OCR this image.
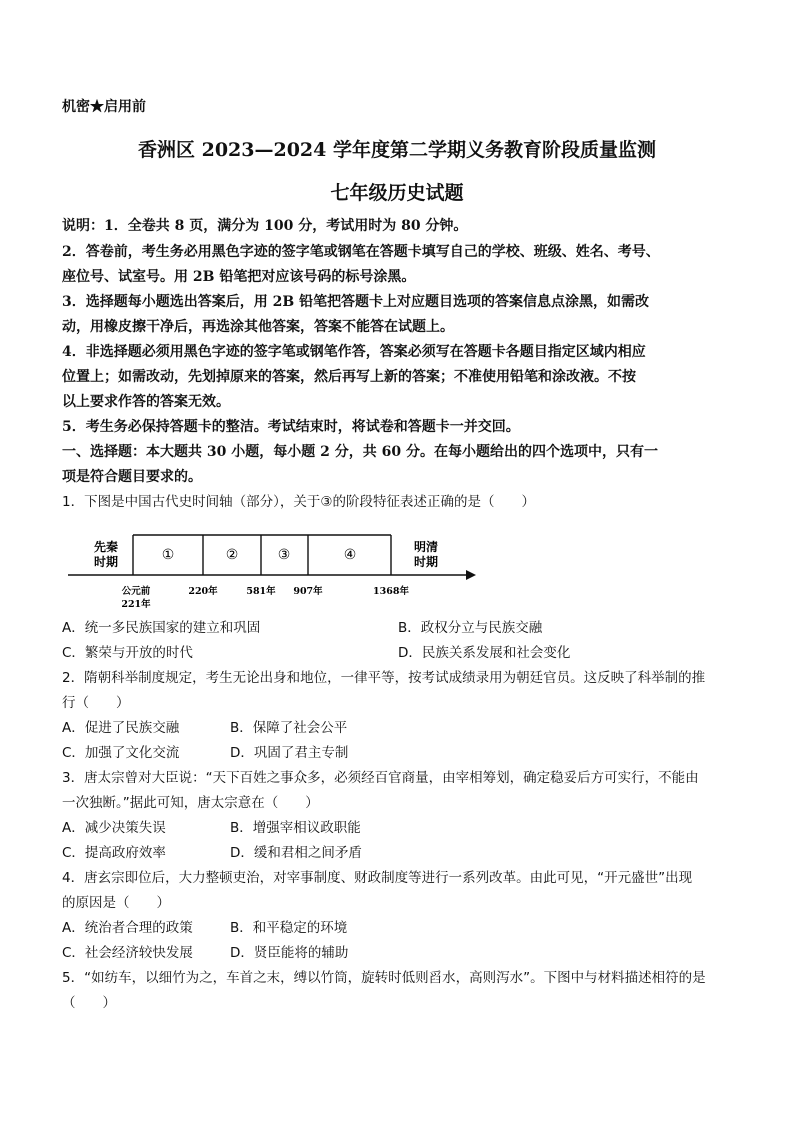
机密★启用前
香洲区 2023—2024 学年度第二学期义务教育阶段质量监测
七年级历史试题
说明：1．全卷共 8 页，满分为 100 分，考试用时为 80 分钟。
2．答卷前，考生务必用黑色字迹的签字笔或钢笔在答题卡填写自己的学校、班级、姓名、考号、
座位号、试室号。用 2B 铅笔把对应该号码的标号涂黑。
3．选择题每小题选出答案后，用 2B 铅笔把答题卡上对应题目选项的答案信息点涂黑，如需改
动，用橡皮擦干净后，再选涂其他答案，答案不能答在试题上。
4．非选择题必须用黑色字迹的签字笔或钢笔作答，答案必须写在答题卡各题目指定区域内相应
位置上；如需改动，先划掉原来的答案，然后再写上新的答案；不准使用铅笔和涂改液。不按
以上要求作答的答案无效。
5．考生务必保持答题卡的整洁。考试结束时，将试卷和答题卡一并交回。
一、选择题：本大题共 30 小题，每小题 2 分，共 60 分。在每小题给出的四个选项中，只有一
项是符合题目要求的。
1．下图是中国古代史时间轴（部分），关于③的阶段特征表述正确的是（　　）
先秦
时期	①	②	③	④	明清
时期
公元前
221年
220年	581年 907年	1368年
A．统一多民族国家的建立和巩固	B．政权分立与民族交融
C．繁荣与开放的时代	D．民族关系发展和社会变化
2．隋朝科举制度规定，考生无论出身和地位，一律平等，按考试成绩录用为朝廷官员。这反映了科举制的推
行（　　）
A．促进了民族交融	B．保障了社会公平
C．加强了文化交流	D．巩固了君主专制
3．唐太宗曾对大臣说：“天下百姓之事众多，必须经百官商量，由宰相筹划，确定稳妥后方可实行，不能由
一次独断。”据此可知，唐太宗意在（　　）
A．减少决策失误	B．增强宰相议政职能
C．提高政府效率	D．缓和君相之间矛盾
4．唐玄宗即位后，大力整顿吏治，对宰事制度、财政制度等进行一系列改革。由此可见，“开元盛世”出现
的原因是（　　）
A．统治者合理的政策	B．和平稳定的环境
C．社会经济较快发展	D．贤臣能将的辅助
5．“如纺车，以细竹为之，车首之末，缚以竹筒，旋转时低则舀水，高则泻水”。下图中与材料描述相符的是
（　　）
